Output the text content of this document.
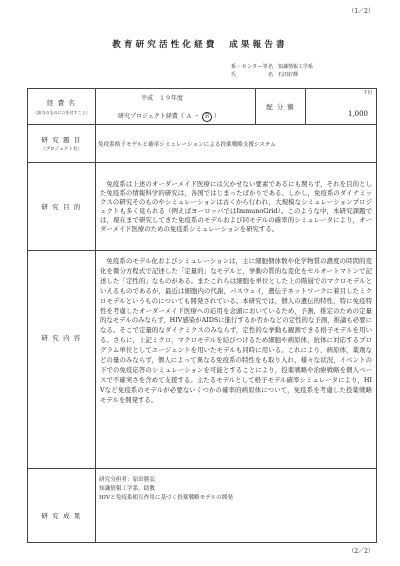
（1／2）
教育研究活性化経費　成果報告書
系・センター等名 知識情報工学系
氏　　　名 石田好輝
経 費 名
（該当のものに○を付すこと）
平成　１９年度
研究プロジェクト経費（ Ａ ・ Ｂ ）
配 分 額
千円
1,000
研 究 題 目
（プロジェクト名）
免疫系格子モデルと確率シミュレーションによる投薬戦略支援システム
研 究 目 的
免疫系は上述のオーダーメイド医療には欠かせない要素であるにも関らず，それを目的とした免疫系の情報科学的研究は，各国ではじまったばかりである。しかし，免疫系のダイナミックスの研究そのものやシミュレーションは古くから行われ，大規模なシミュレーションプロジェクトも多く見られる（例えばヨーロッパではImmunoGrid）。このような中，本研究課題では，現在まで研究してきた免疫系のモデルおよび同モデルの確率的シミュレータにより，オーダーメイド医療のための免疫系シミュレーションを研究する。
研 究 内 容
免疫系のモデル化およびシミュレーションは，主に細胞個体数や化学物質の濃度の時間的変化を微分方程式で記述した「定量的」なモデルと，挙動の質的な変化をセルオートマトンで記述した「定性的」なものがある。またこれらは細胞を単位とした上の階層でのマクロモデルといえるものであるが，最近は細胞内の代謝，パスウェイ，遺伝子ネットワークに着目したミクロモデルというものについても開発されている。本研究では，個人の遺伝的特性，特に免疫特性を考慮したオーダーメイド医療への応用を念頭においているため，予測，推定のための定量的なモデルのみならず，HIV感染がAIDSに進行するか否かなどの定性的な予測，推論も必要になる。そこで定量的なダイナミクスのみならず，定性的な挙動も観測できる格子モデルを用いる。さらに，上記ミクロ，マクロモデルを結びつけるため細胞や病原体，抗体に対応するプログラム単位としてエージェントを用いたモデルも同時に用いる。これにより，病原体，薬剤などの量のみならず，個人によって異なる免疫系の特性をも取り入れ，様々な状況，イベントの下での免疫応答のシミュレーションを可能とすることにより，投薬戦略や治療戦略を個人ベースで不確実さを含めて支援する。主たるモデルとして格子モデル確率シミュレータにより，HIVなど免疫系のモデルが必要ないくつかの確率的病原体について，免疫系を考慮した投薬戦略モデルを開発する。
研 究 成 果
研究分担者：原田勝弘
知識情報工学系，助教
HIVと免疫系相互作用に基づく投薬戦略モデルの開発
（2／2）
